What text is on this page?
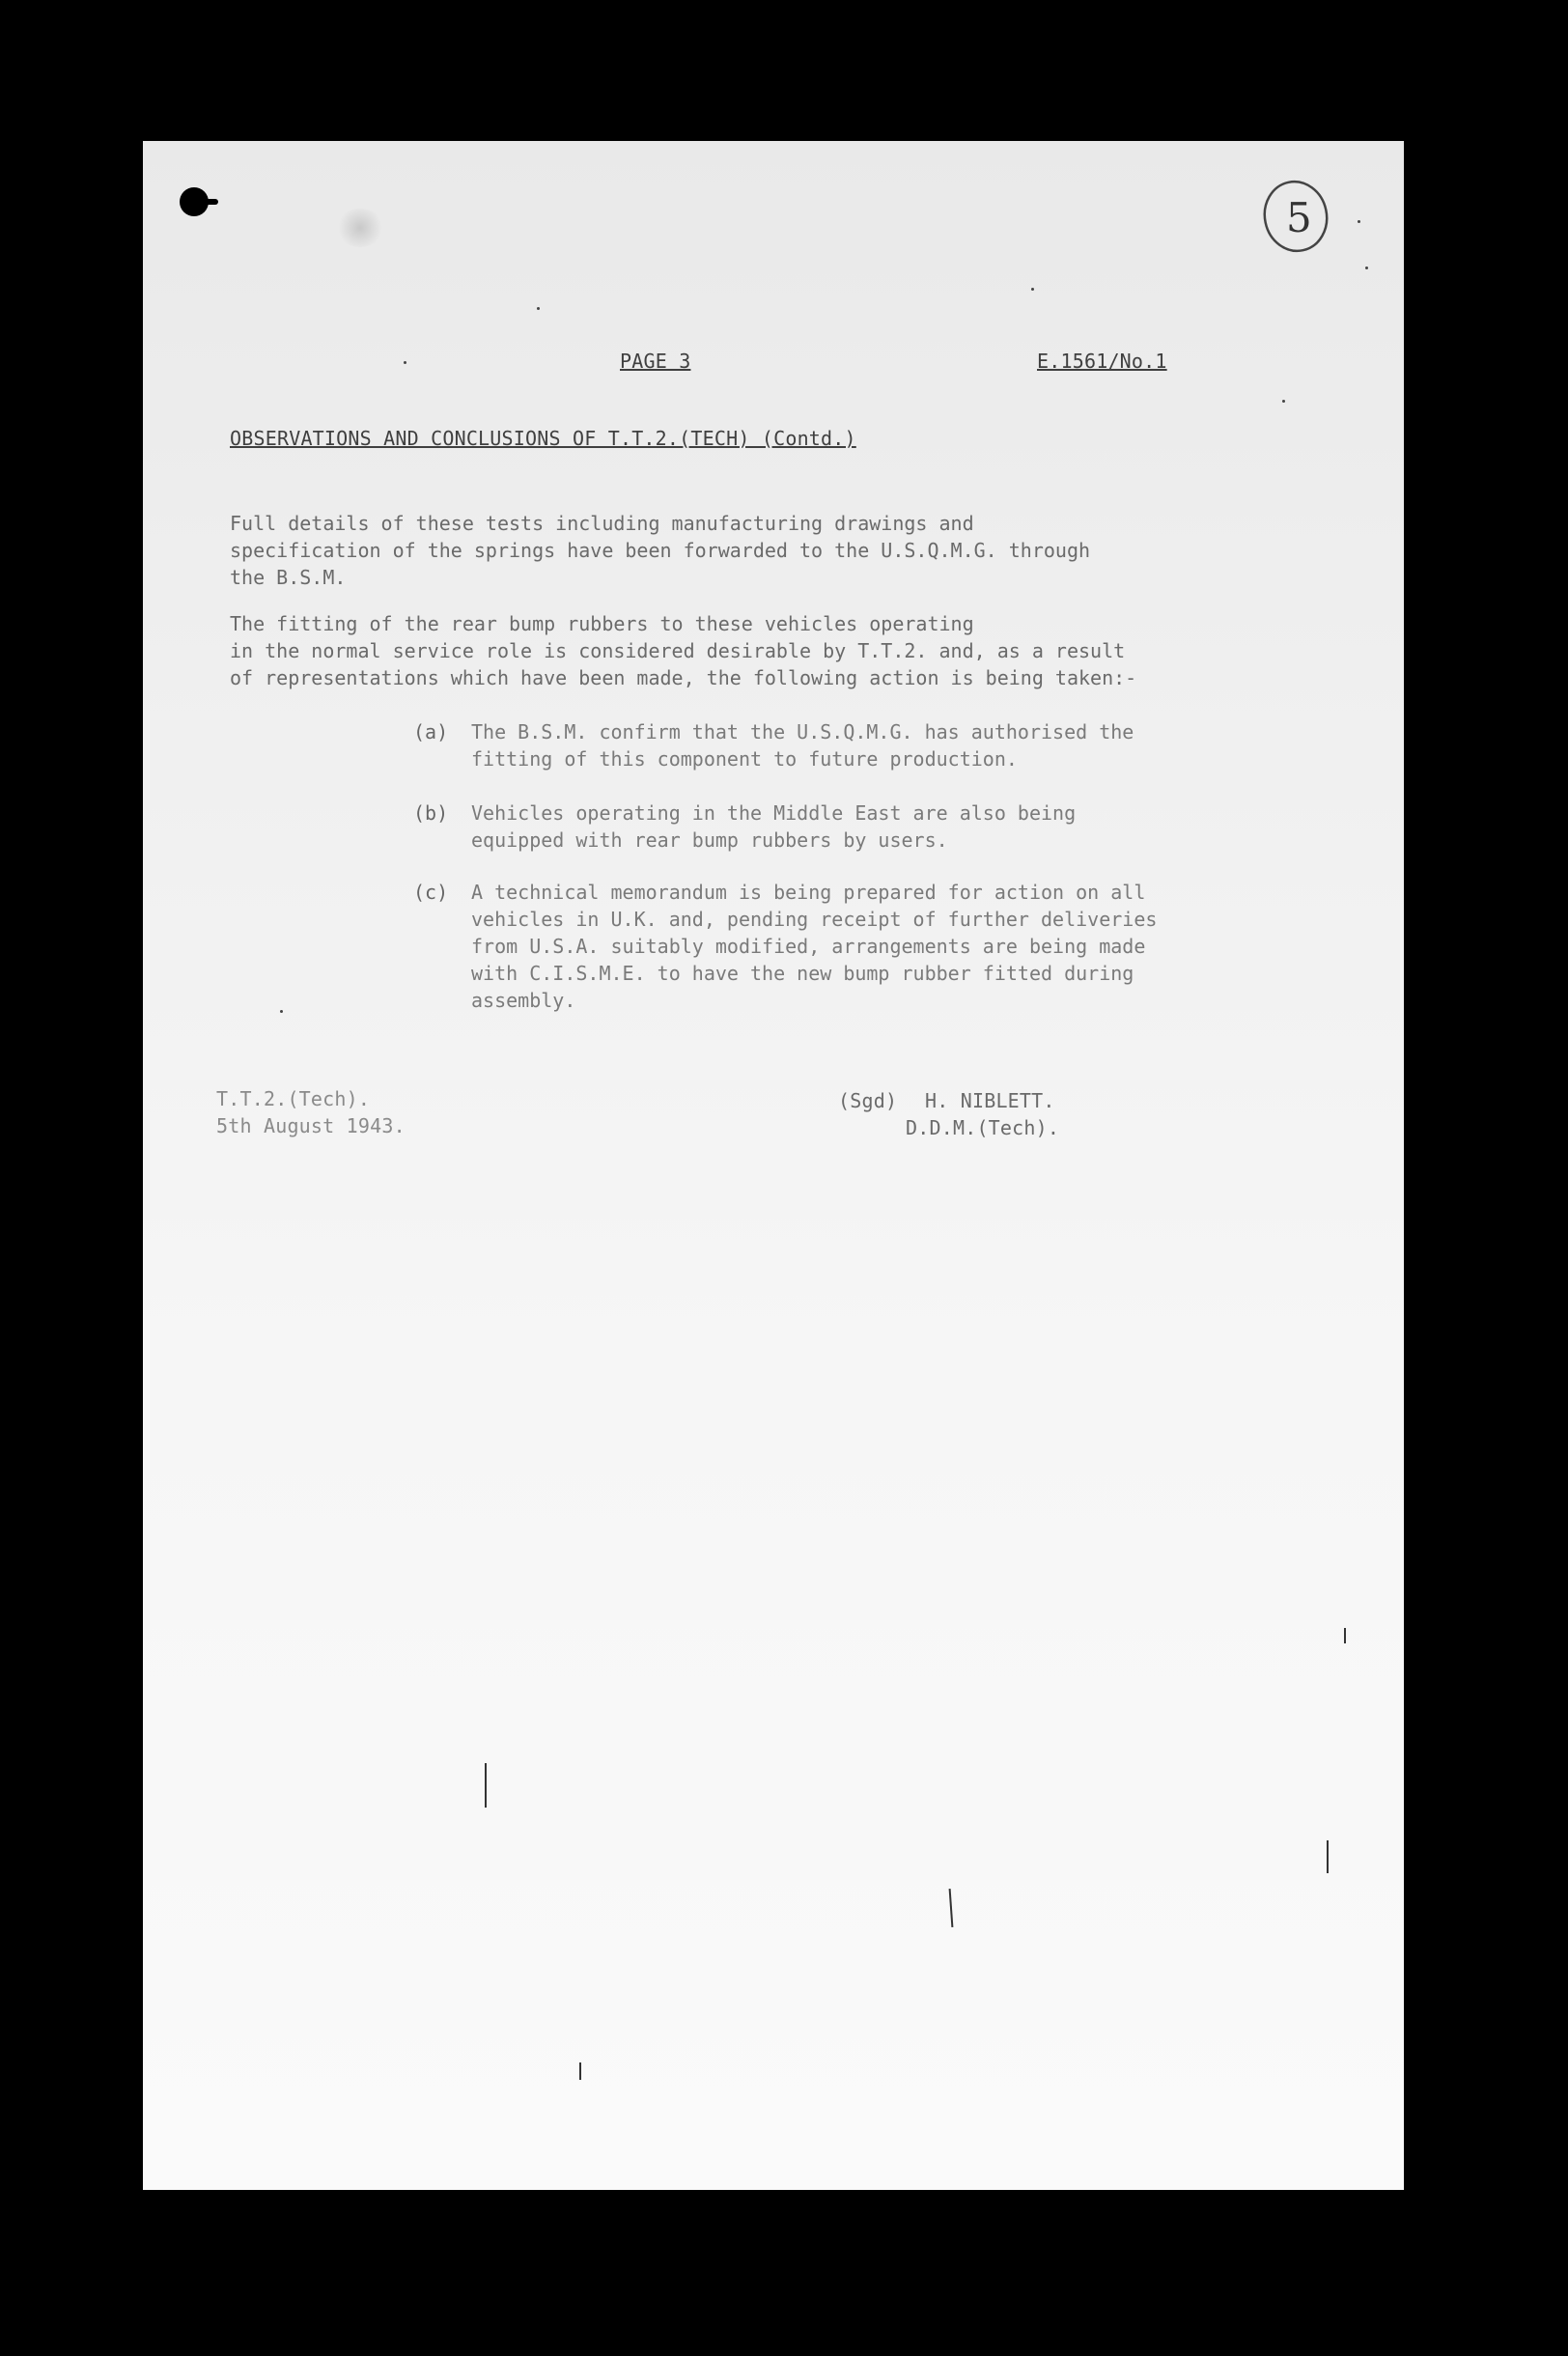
5
PAGE 3	E.1561/No.1
OBSERVATIONS AND CONCLUSIONS OF T.T.2.(TECH) (Contd.)
Full details of these tests including manufacturing drawings and
specification of the springs have been forwarded to the U.S.Q.M.G. through
the B.S.M.
The fitting of the rear bump rubbers to these vehicles operating
in the normal service role is considered desirable by T.T.2. and, as a result
of representations which have been made, the following action is being taken:-
(a)	The B.S.M. confirm that the U.S.Q.M.G. has authorised the
fitting of this component to future production.
(b)	Vehicles operating in the Middle East are also being
equipped with rear bump rubbers by users.
(c)	A technical memorandum is being prepared for action on all
vehicles in U.K. and, pending receipt of further deliveries
from U.S.A. suitably modified, arrangements are being made
with C.I.S.M.E. to have the new bump rubber fitted during
assembly.
T.T.2.(Tech).
5th August 1943.
(Sgd) H. NIBLETT.
D.D.M.(Tech).
